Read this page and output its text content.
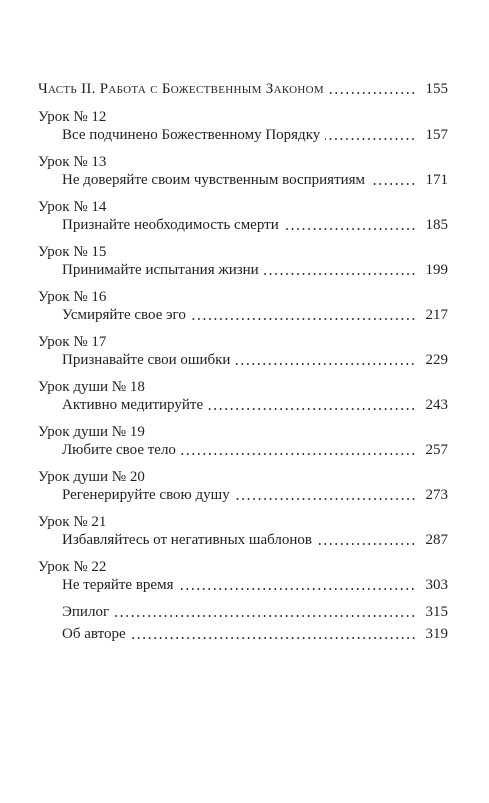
Часть II. Работа с Божественным Законом	155
Урок № 12
Все подчинено Божественному Порядку	157
Урок № 13
Не доверяйте своим чувственным восприятиям	171
Урок № 14
Признайте необходимость смерти	185
Урок № 15
Принимайте испытания жизни	199
Урок № 16
Усмиряйте свое эго	217
Урок № 17
Признавайте свои ошибки	229
Урок души № 18
Активно медитируйте	243
Урок души № 19
Любите свое тело	257
Урок души № 20
Регенерируйте свою душу	273
Урок № 21
Избавляйтесь от негативных шаблонов	287
Урок № 22
Не теряйте время	303
Эпилог	315
Об авторе	319
